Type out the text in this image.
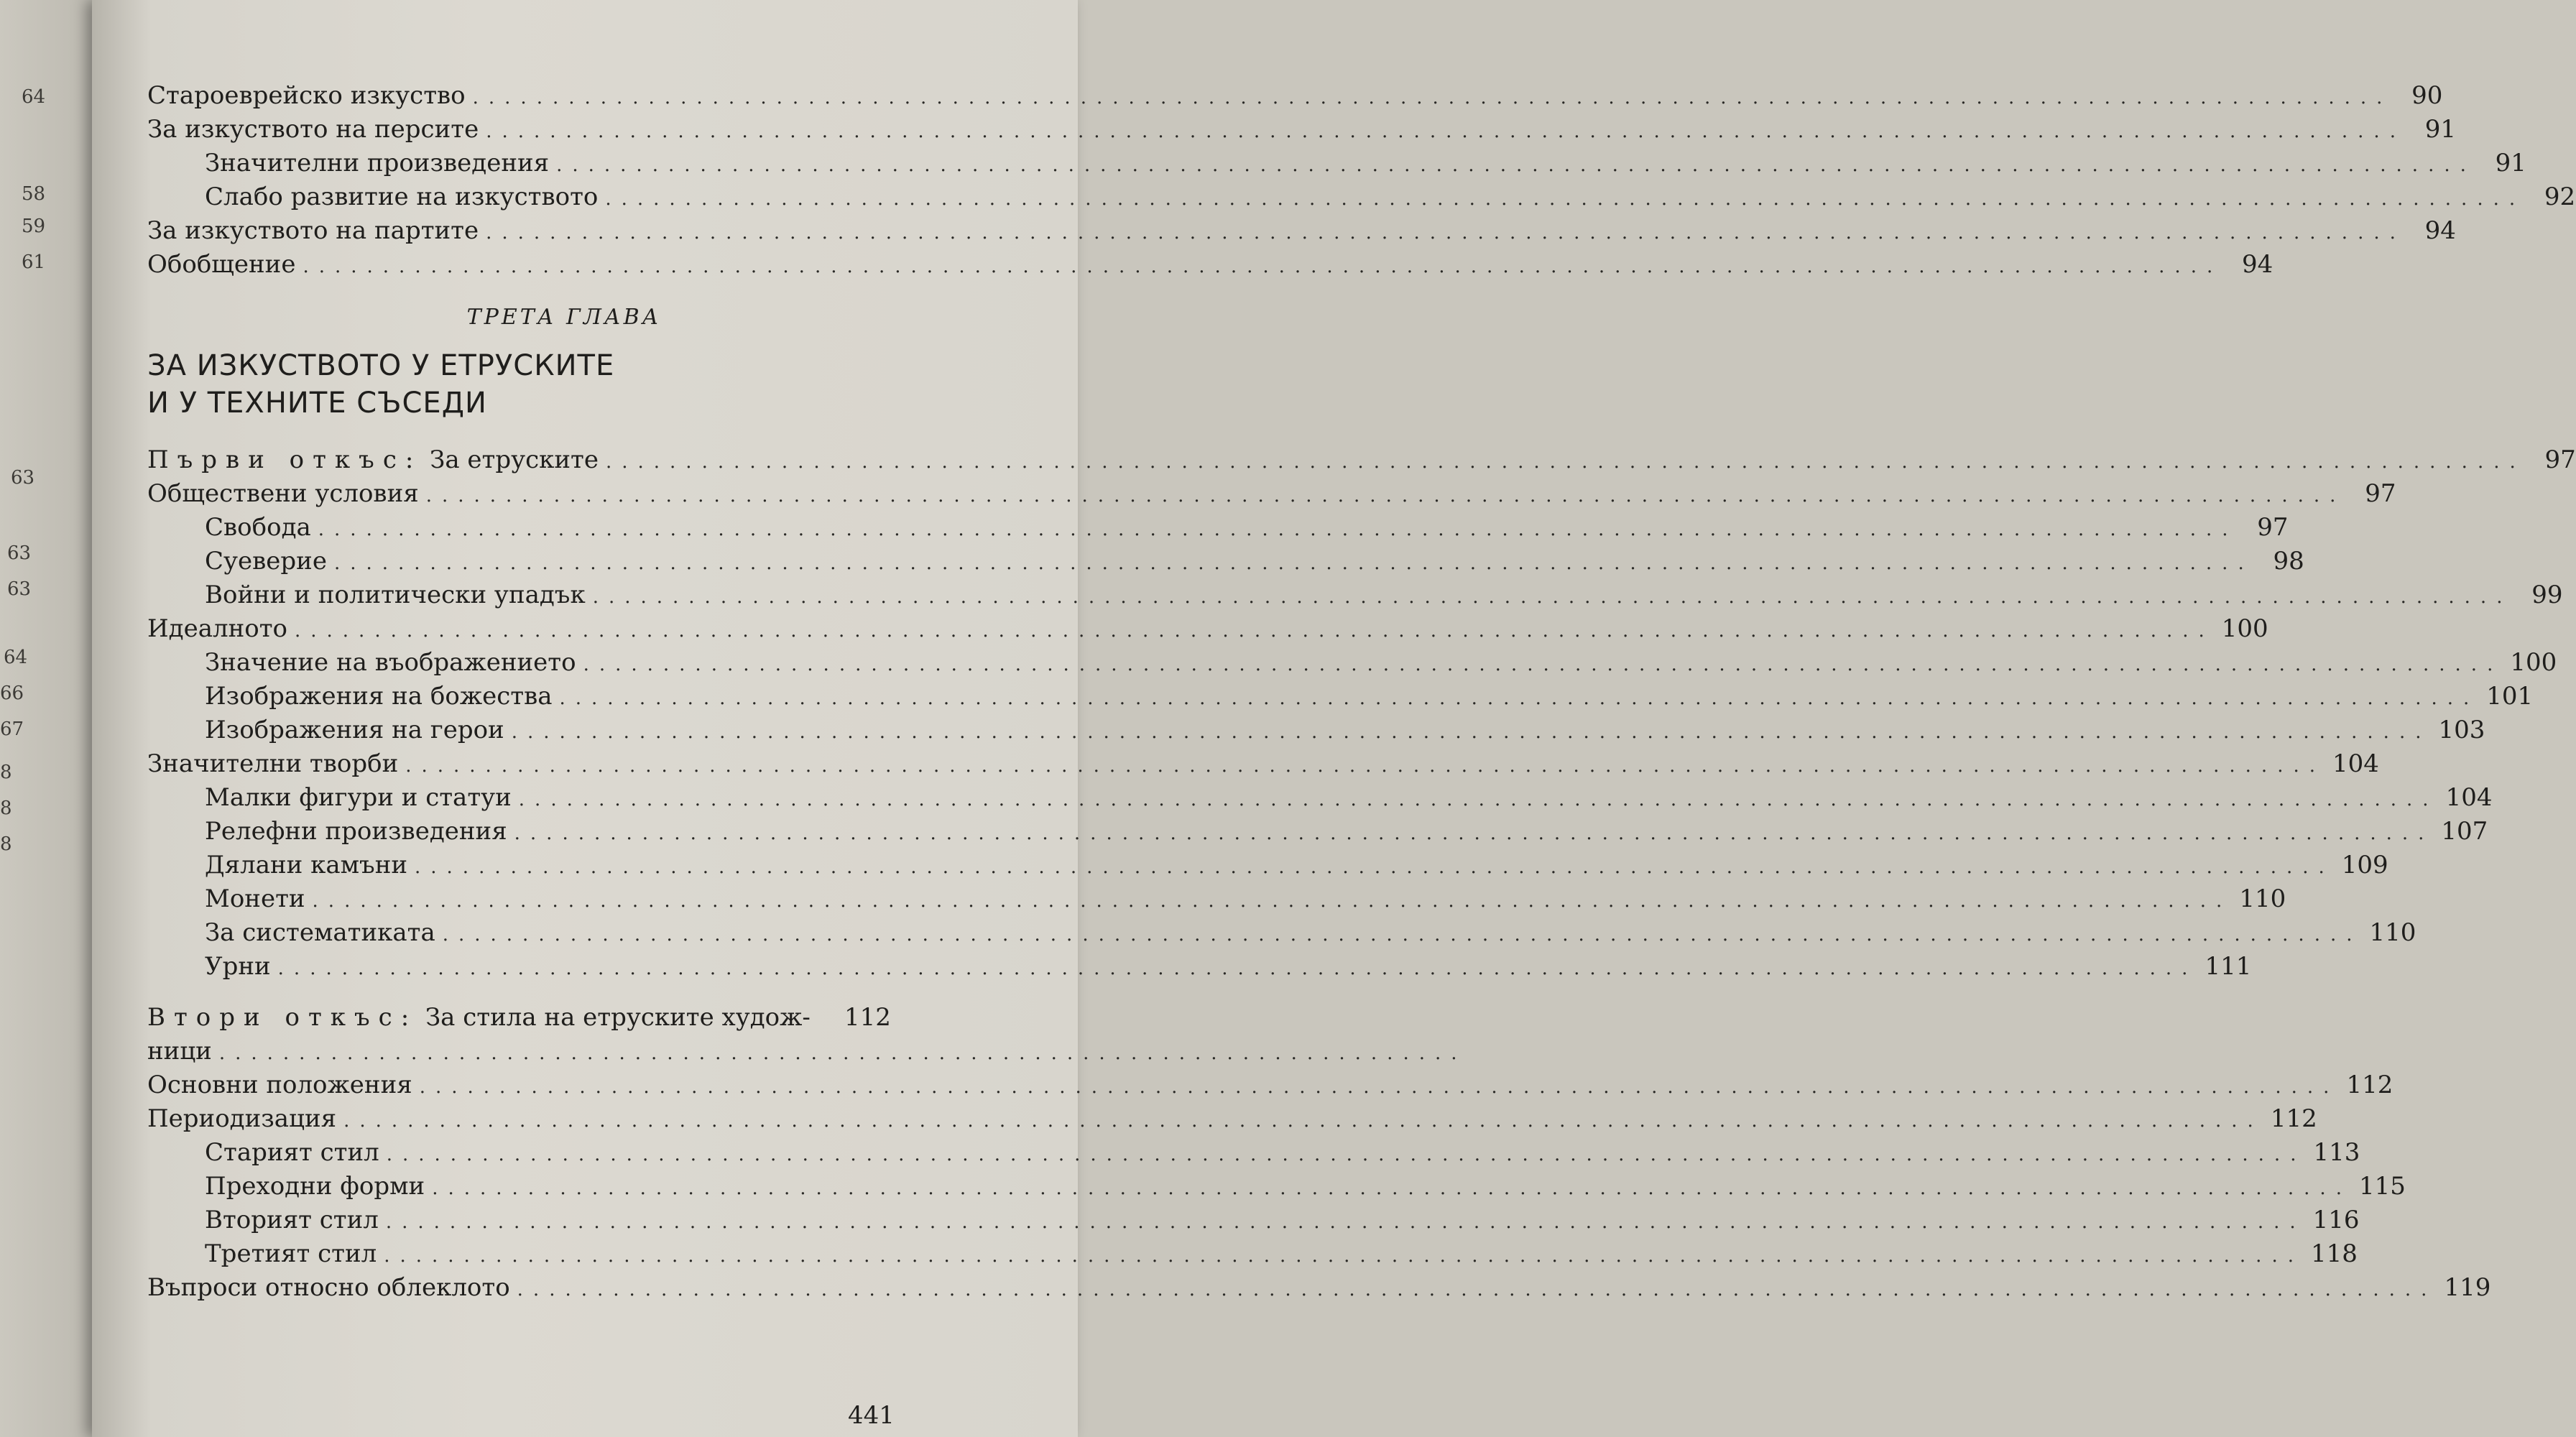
64
58
59
61
63
63
63
64
66
67
8
8
8
Староеврейско изкуство ........................................................................................................................ 90
За изкуството на персите ........................................................................................................................ 91
Значителни произведения ........................................................................................................................ 91
Слабо развитие на изкуството ........................................................................................................................ 92
За изкуството на партите ........................................................................................................................ 94
Обобщение ........................................................................................................................ 94
ТРЕТА ГЛАВА
ЗА ИЗКУСТВОТО У ЕТРУСКИТЕ
И У ТЕХНИТЕ СЪСЕДИ
Първи откъс: За етруските ........................................................................................................................ 97
Обществени условия ........................................................................................................................ 97
Свобода ........................................................................................................................ 97
Суеверие ........................................................................................................................ 98
Войни и политически упадък ........................................................................................................................ 99
Идеалното ........................................................................................................................ 100
Значение на въображението ........................................................................................................................ 100
Изображения на божества ........................................................................................................................ 101
Изображения на герои ........................................................................................................................ 103
Значителни творби ........................................................................................................................ 104
Малки фигури и статуи ........................................................................................................................ 104
Релефни произведения ........................................................................................................................ 107
Дялани камъни ........................................................................................................................ 109
Монети ........................................................................................................................ 110
За систематиката ........................................................................................................................ 110
Урни ........................................................................................................................ 111
Втори откъс: За стила на етруските худож-	112
ници ..............................................................................
Основни положения ........................................................................................................................ 112
Периодизация ........................................................................................................................ 112
Старият стил ........................................................................................................................ 113
Преходни форми ........................................................................................................................ 115
Вторият стил ........................................................................................................................ 116
Третият стил ........................................................................................................................ 118
Въпроси относно облеклото ........................................................................................................................ 119
441
